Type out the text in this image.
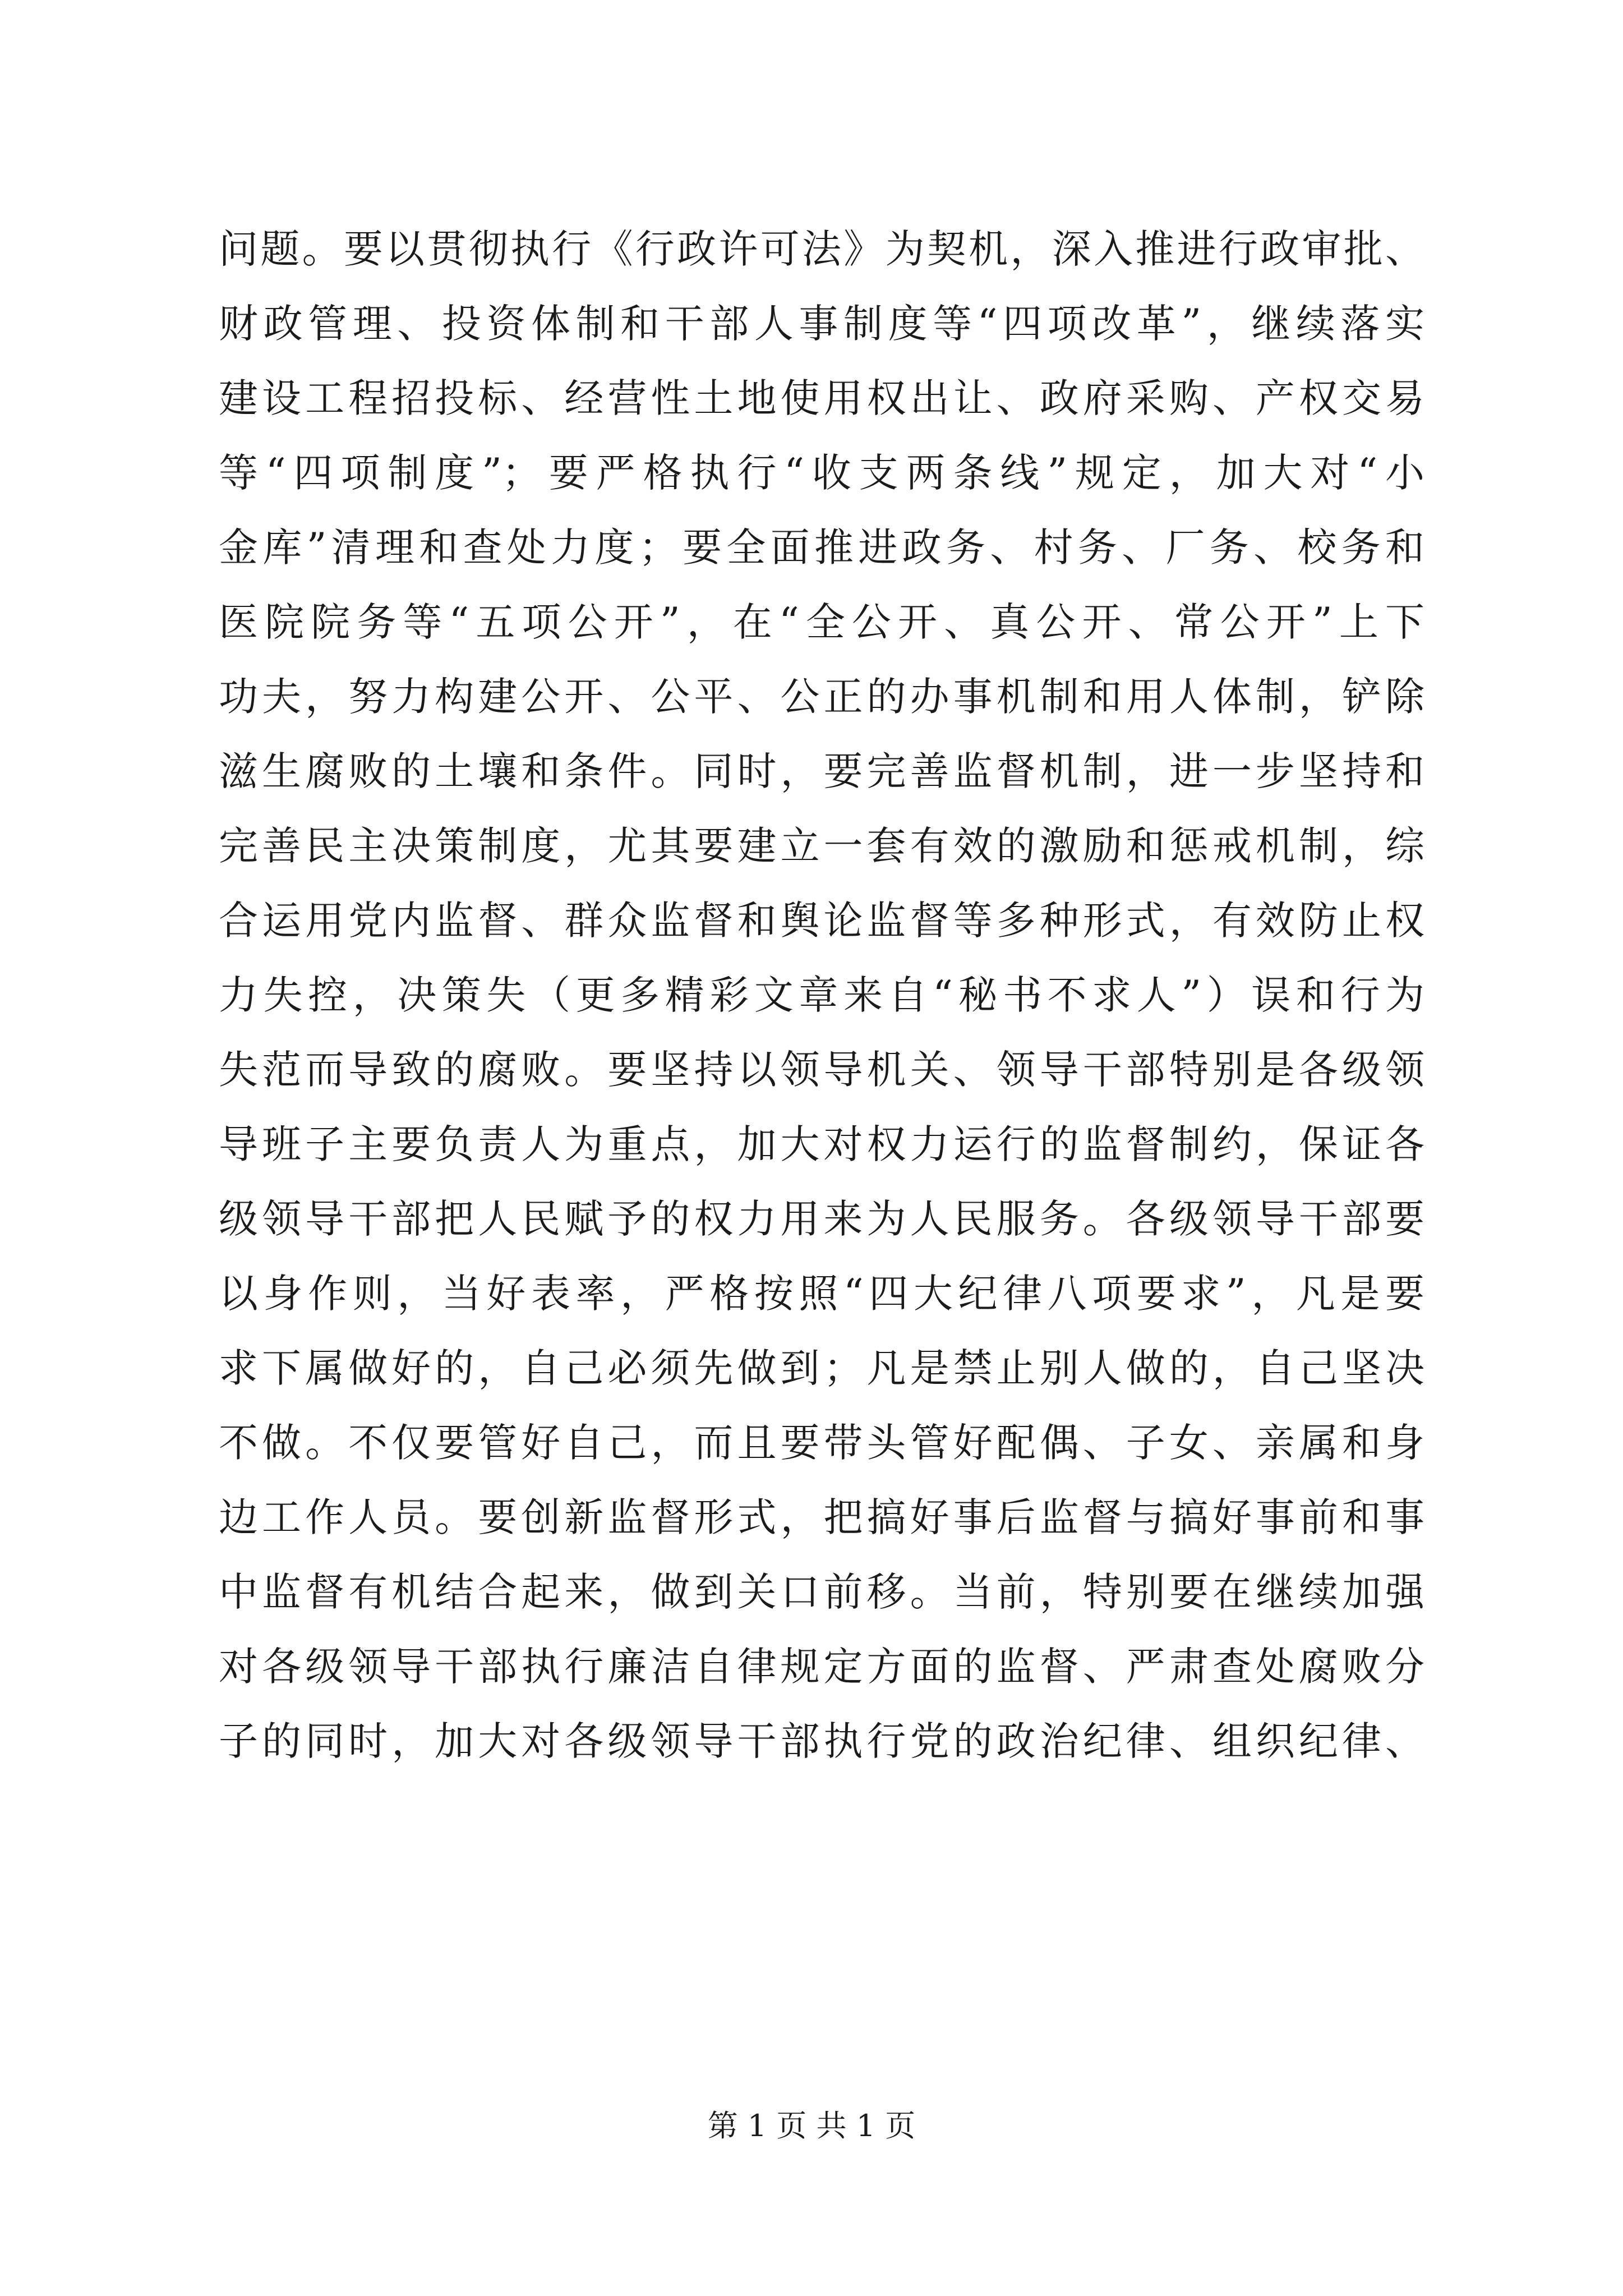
问题。要以贯彻执行《行政许可法》为契机，深入推进行政审批、
财政管理、投资体制和干部人事制度等“四项改革”，继续落实
建设工程招投标、经营性土地使用权出让、政府采购、产权交易
等“四项制度”；要严格执行“收支两条线”规定，加大对“小
金库”清理和查处力度；要全面推进政务、村务、厂务、校务和
医院院务等“五项公开”，在“全公开、真公开、常公开”上下
功夫，努力构建公开、公平、公正的办事机制和用人体制，铲除
滋生腐败的土壤和条件。同时，要完善监督机制，进一步坚持和
完善民主决策制度，尤其要建立一套有效的激励和惩戒机制，综
合运用党内监督、群众监督和舆论监督等多种形式，有效防止权
力失控，决策失（更多精彩文章来自“秘书不求人”）误和行为
失范而导致的腐败。要坚持以领导机关、领导干部特别是各级领
导班子主要负责人为重点，加大对权力运行的监督制约，保证各
级领导干部把人民赋予的权力用来为人民服务。各级领导干部要
以身作则，当好表率，严格按照“四大纪律八项要求”，凡是要
求下属做好的，自己必须先做到；凡是禁止别人做的，自己坚决
不做。不仅要管好自己，而且要带头管好配偶、子女、亲属和身
边工作人员。要创新监督形式，把搞好事后监督与搞好事前和事
中监督有机结合起来，做到关口前移。当前，特别要在继续加强
对各级领导干部执行廉洁自律规定方面的监督、严肃查处腐败分
子的同时，加大对各级领导干部执行党的政治纪律、组织纪律、
第 1 页 共 1 页
